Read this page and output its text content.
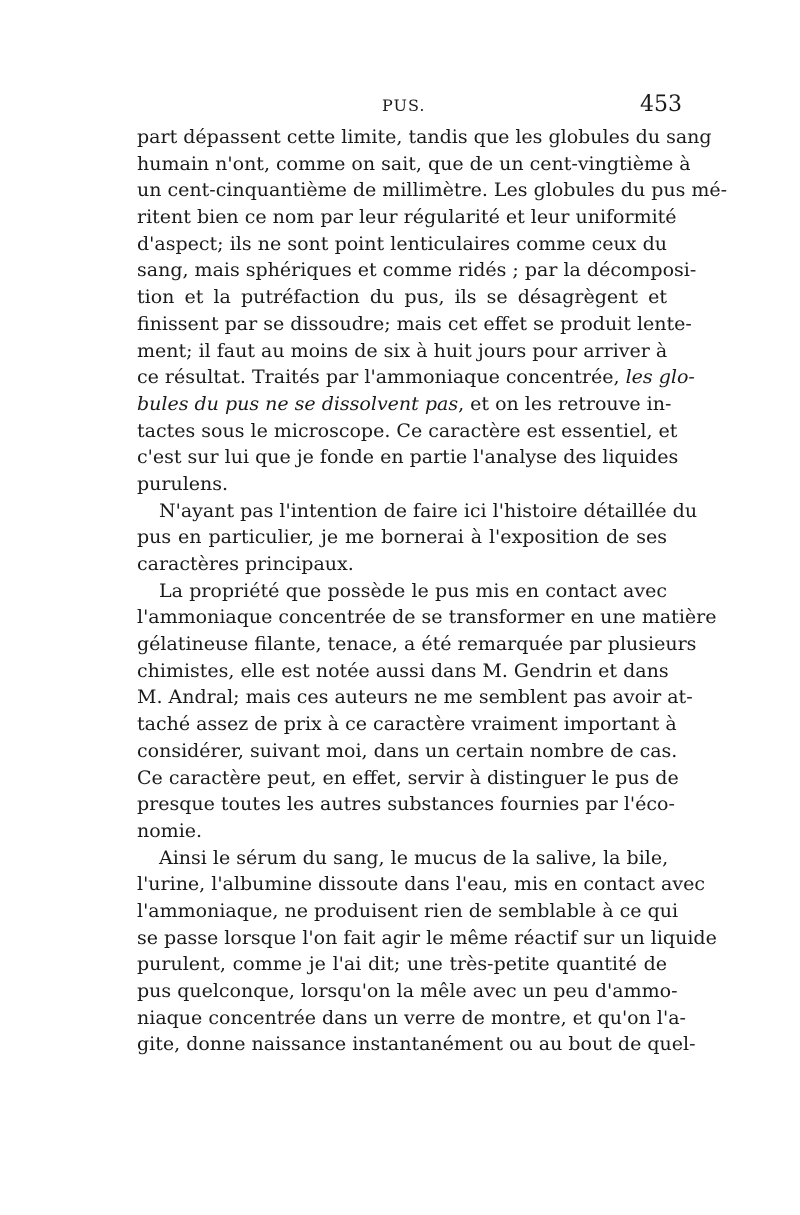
PUS.	453
part dépassent cette limite, tandis que les globules du sang
humain n'ont, comme on sait, que de un cent-vingtième à
un cent-cinquantième de millimètre. Les globules du pus mé-
ritent bien ce nom par leur régularité et leur uniformité
d'aspect; ils ne sont point lenticulaires comme ceux du
sang, mais sphériques et comme ridés ; par la décomposi-
tion et la putréfaction du pus, ils se désagrègent et
finissent par se dissoudre; mais cet effet se produit lente-
ment; il faut au moins de six à huit jours pour arriver à
ce résultat. Traités par l'ammoniaque concentrée, les glo-
bules du pus ne se dissolvent pas, et on les retrouve in-
tactes sous le microscope. Ce caractère est essentiel, et
c'est sur lui que je fonde en partie l'analyse des liquides
purulens.
N'ayant pas l'intention de faire ici l'histoire détaillée du
pus en particulier, je me bornerai à l'exposition de ses
caractères principaux.
La propriété que possède le pus mis en contact avec
l'ammoniaque concentrée de se transformer en une matière
gélatineuse filante, tenace, a été remarquée par plusieurs
chimistes, elle est notée aussi dans M. Gendrin et dans
M. Andral; mais ces auteurs ne me semblent pas avoir at-
taché assez de prix à ce caractère vraiment important à
considérer, suivant moi, dans un certain nombre de cas.
Ce caractère peut, en effet, servir à distinguer le pus de
presque toutes les autres substances fournies par l'éco-
nomie.
Ainsi le sérum du sang, le mucus de la salive, la bile,
l'urine, l'albumine dissoute dans l'eau, mis en contact avec
l'ammoniaque, ne produisent rien de semblable à ce qui
se passe lorsque l'on fait agir le même réactif sur un liquide
purulent, comme je l'ai dit; une très-petite quantité de
pus quelconque, lorsqu'on la mêle avec un peu d'ammo-
niaque concentrée dans un verre de montre, et qu'on l'a-
gite, donne naissance instantanément ou au bout de quel-
